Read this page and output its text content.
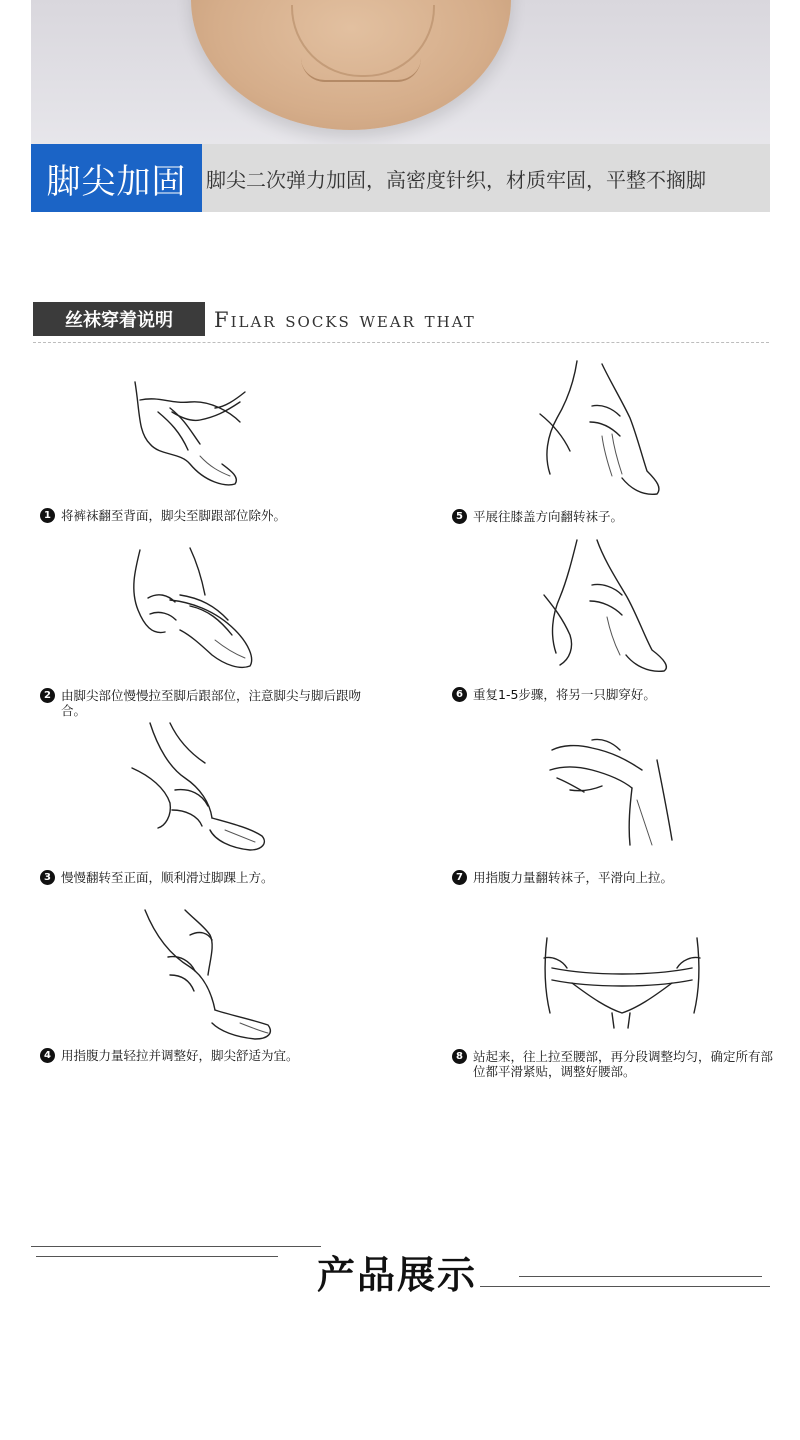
脚尖加固 脚尖二次弹力加固，高密度针织，材质牢固，平整不搁脚
丝袜穿着说明	Filar socks wear that
1 将裤袜翻至背面，脚尖至脚跟部位除外。
2 由脚尖部位慢慢拉至脚后跟部位，注意脚尖与脚后跟吻合。
3 慢慢翻转至正面，顺利滑过脚踝上方。
4 用指腹力量轻拉并调整好，脚尖舒适为宜。
5 平展往膝盖方向翻转袜子。
6 重复1-5步骤，将另一只脚穿好。
7 用指腹力量翻转袜子，平滑向上拉。
8 站起来，往上拉至腰部，再分段调整均匀，确定所有部位都平滑紧贴，调整好腰部。
产品展示
